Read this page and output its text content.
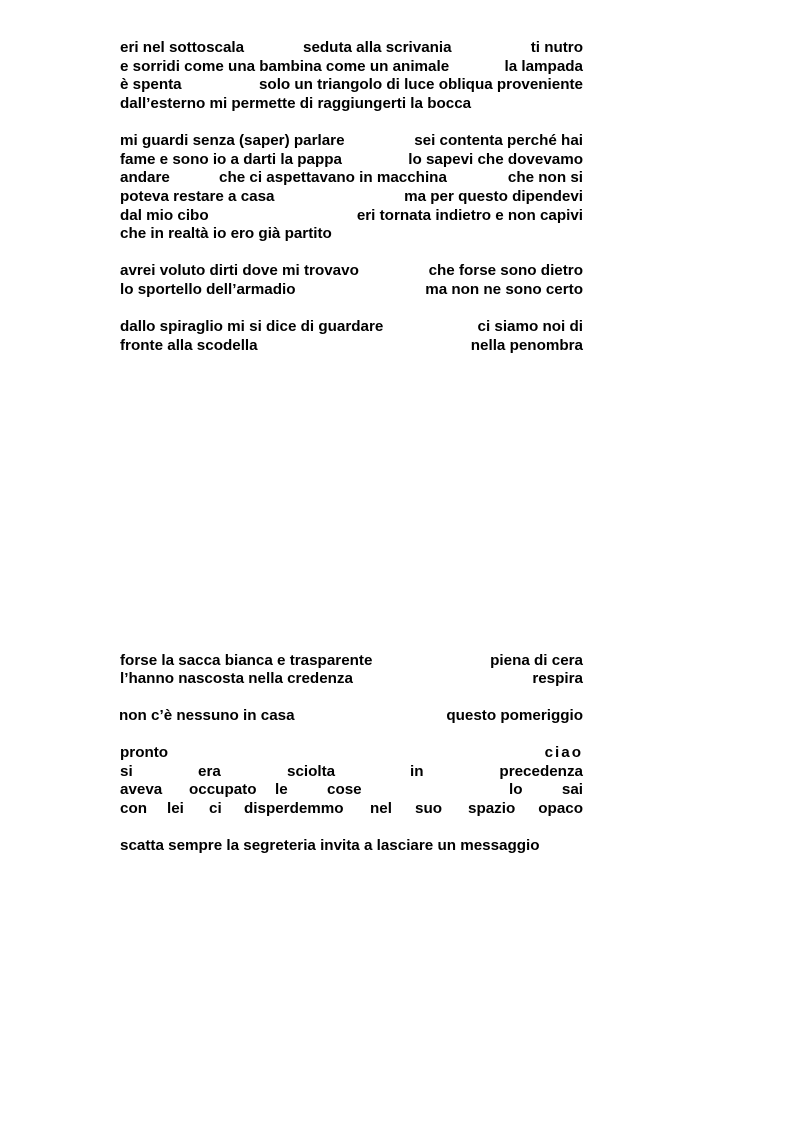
eri nel sottoscala	seduta alla scrivania	ti nutro
e sorridi come una bambina come un animale	la lampada
è spenta	solo un triangolo di luce obliqua proveniente
dall’esterno mi permette di raggiungerti la bocca
mi guardi senza (saper) parlare	sei contenta perché hai
fame e sono io a darti la pappa	lo sapevi che dovevamo
andare	che ci aspettavano in macchina	che non si
poteva restare a casa	ma per questo dipendevi
dal mio cibo	eri tornata indietro e non capivi
che in realtà io ero già partito
avrei voluto dirti dove mi trovavo	che forse sono dietro
lo sportello dell’armadio	ma non ne sono certo
dallo spiraglio mi si dice di guardare	ci siamo noi di
fronte alla scodella	nella penombra
forse la sacca bianca e trasparente	piena di cera
l’hanno nascosta nella credenza	respira
non c’è nessuno in casa	questo pomeriggio
pronto	ciao
si	era	sciolta	in	precedenza
aveva occupato le	cose	lo	sai
con lei ci disperdemmo nel suo spazio opaco
scatta sempre la segreteria invita a lasciare un messaggio
